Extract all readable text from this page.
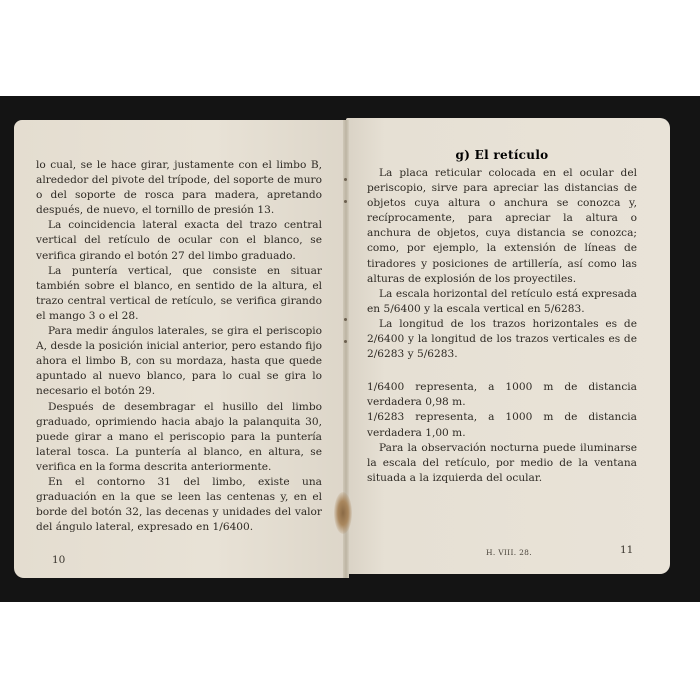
lo cual, se le hace girar, justamente con el limbo B, alrededor del pivote del trípode, del soporte de muro o del soporte de rosca para madera, apretando después, de nuevo, el tornillo de presión 13.

La coincidencia lateral exacta del trazo central vertical del retículo de ocular con el blanco, se verifica girando el botón 27 del limbo graduado.

La puntería vertical, que consiste en situar también sobre el blanco, en sentido de la altura, el trazo central vertical de retículo, se verifica girando el mango 3 o el 28.

Para medir ángulos laterales, se gira el periscopio A, desde la posición inicial anterior, pero estando fijo ahora el limbo B, con su mordaza, hasta que quede apuntado al nuevo blanco, para lo cual se gira lo necesario el botón 29.

Después de desembragar el husillo del limbo graduado, oprimiendo hacia abajo la palanquita 30, puede girar a mano el periscopio para la puntería lateral tosca. La puntería al blanco, en altura, se verifica en la forma descrita anteriormente.

En el contorno 31 del limbo, existe una graduación en la que se leen las centenas y, en el borde del botón 32, las decenas y unidades del valor del ángulo lateral, expresado en 1/6400.

g) El retículo

La placa reticular colocada en el ocular del periscopio, sirve para apreciar las distancias de objetos cuya altura o anchura se conozca y, recíprocamente, para apreciar la altura o anchura de objetos, cuya distancia se conozca; como, por ejemplo, la extensión de líneas de tiradores y posiciones de artillería, así como las alturas de explosión de los proyectiles.

La escala horizontal del retículo está expresada en 5/6400 y la escala vertical en 5/6283.

La longitud de los trazos horizontales es de 2/6400 y la longitud de los trazos verticales es de 2/6283 y 5/6283.

1/6400 representa, a 1000 m de distancia verdadera 0,98 m.

1/6283 representa, a 1000 m de distancia verdadera 1,00 m.

Para la observación nocturna puede iluminarse la escala del retículo, por medio de la ventana situada a la izquierda del ocular.

10
H. VIII. 28.	11
